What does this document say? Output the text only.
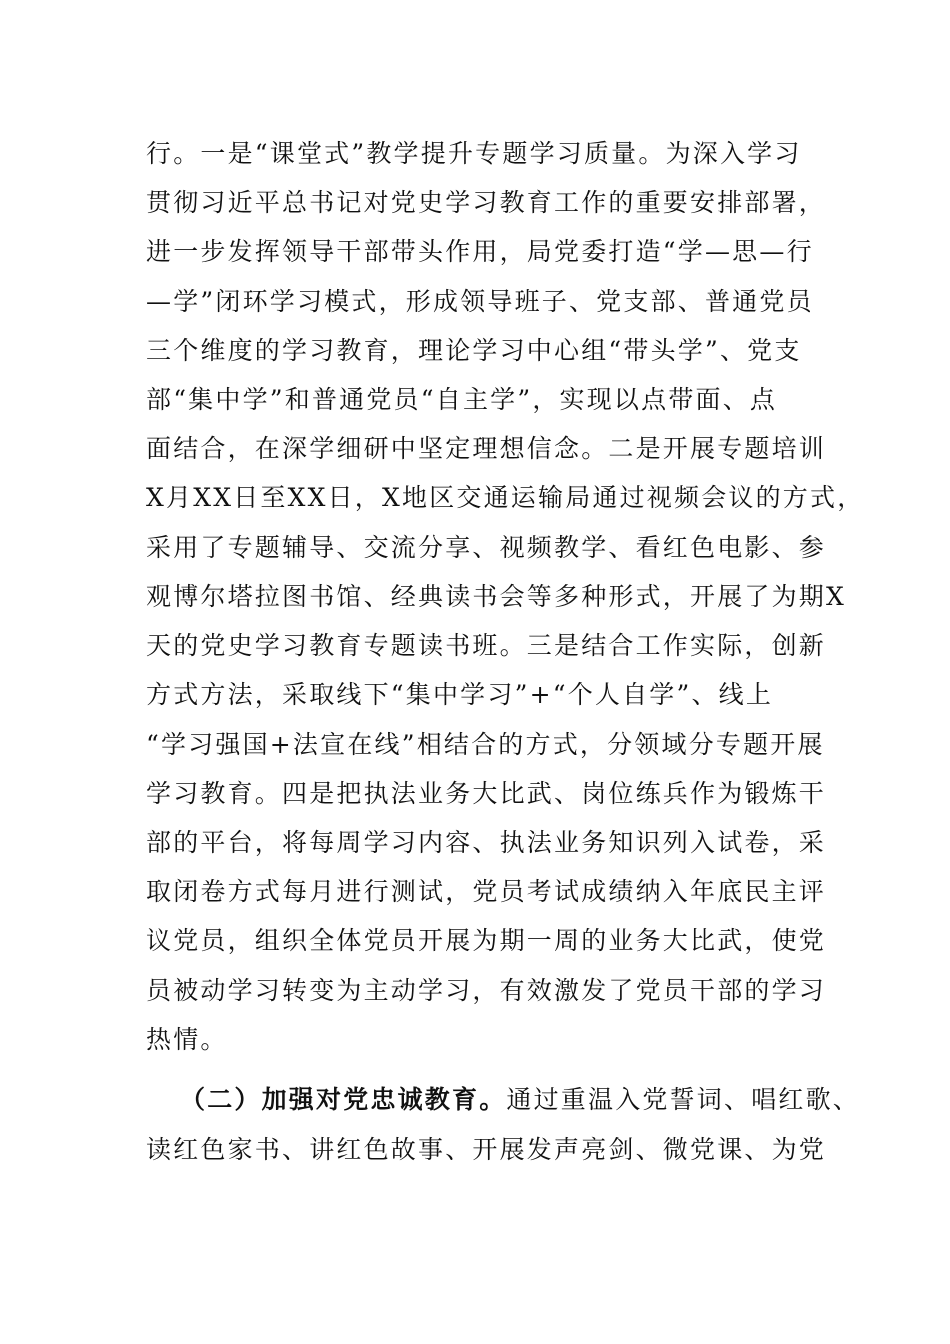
行。一是“课堂式”教学提升专题学习质量。为深入学习
贯彻习近平总书记对党史学习教育工作的重要安排部署，
进一步发挥领导干部带头作用，局党委打造“学—思—行
—学”闭环学习模式，形成领导班子、党支部、普通党员
三个维度的学习教育，理论学习中心组“带头学”、党支
部“集中学”和普通党员“自主学”，实现以点带面、点
面结合，在深学细研中坚定理想信念。二是开展专题培训
X月XX日至XX日，X地区交通运输局通过视频会议的方式，
采用了专题辅导、交流分享、视频教学、看红色电影、参
观博尔塔拉图书馆、经典读书会等多种形式，开展了为期X
天的党史学习教育专题读书班。三是结合工作实际，创新
方式方法，采取线下“集中学习”+“个人自学”、线上
“学习强国+法宣在线”相结合的方式，分领域分专题开展
学习教育。四是把执法业务大比武、岗位练兵作为锻炼干
部的平台，将每周学习内容、执法业务知识列入试卷，采
取闭卷方式每月进行测试，党员考试成绩纳入年底民主评
议党员，组织全体党员开展为期一周的业务大比武，使党
员被动学习转变为主动学习，有效激发了党员干部的学习
热情。
（二）加强对党忠诚教育。通过重温入党誓词、唱红歌、
读红色家书、讲红色故事、开展发声亮剑、微党课、为党
